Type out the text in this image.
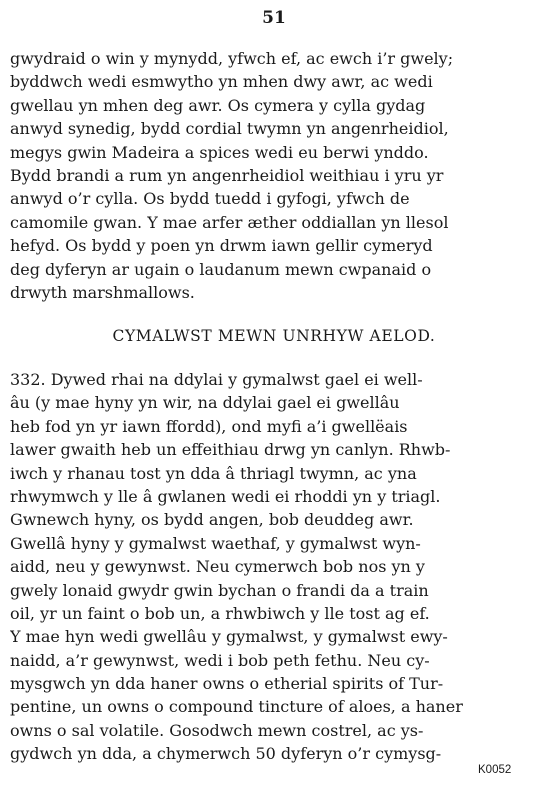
51
gwydraid o win y mynydd, yfwch ef, ac ewch i’r gwely;
byddwch wedi esmwytho yn mhen dwy awr, ac wedi
gwellau yn mhen deg awr. Os cymera y cylla gydag
anwyd synedig, bydd cordial twymn yn angenrheidiol,
megys gwin Madeira a spices wedi eu berwi ynddo.
Bydd brandi a rum yn angenrheidiol weithiau i yru yr
anwyd o’r cylla. Os bydd tuedd i gyfogi, yfwch de
camomile gwan. Y mae arfer æther oddiallan yn llesol
hefyd. Os bydd y poen yn drwm iawn gellir cymeryd
deg dyferyn ar ugain o laudanum mewn cwpanaid o
drwyth marshmallows.
CYMALWST MEWN UNRHYW AELOD.
332. Dywed rhai na ddylai y gymalwst gael ei well-
âu (y mae hyny yn wir, na ddylai gael ei gwellâu
heb fod yn yr iawn ffordd), ond myfi a’i gwellëais
lawer gwaith heb un effeithiau drwg yn canlyn. Rhwb-
iwch y rhanau tost yn dda â thriagl twymn, ac yna
rhwymwch y lle â gwlanen wedi ei rhoddi yn y triagl.
Gwnewch hyny, os bydd angen, bob deuddeg awr.
Gwellâ hyny y gymalwst waethaf, y gymalwst wyn-
aidd, neu y gewynwst. Neu cymerwch bob nos yn y
gwely lonaid gwydr gwin bychan o frandi da a train
oil, yr un faint o bob un, a rhwbiwch y lle tost ag ef.
Y mae hyn wedi gwellâu y gymalwst, y gymalwst ewy-
naidd, a’r gewynwst, wedi i bob peth fethu. Neu cy-
mysgwch yn dda haner owns o etherial spirits of Tur-
pentine, un owns o compound tincture of aloes, a haner
owns o sal volatile. Gosodwch mewn costrel, ac ys-
gydwch yn dda, a chymerwch 50 dyferyn o’r cymysg-
K0052
